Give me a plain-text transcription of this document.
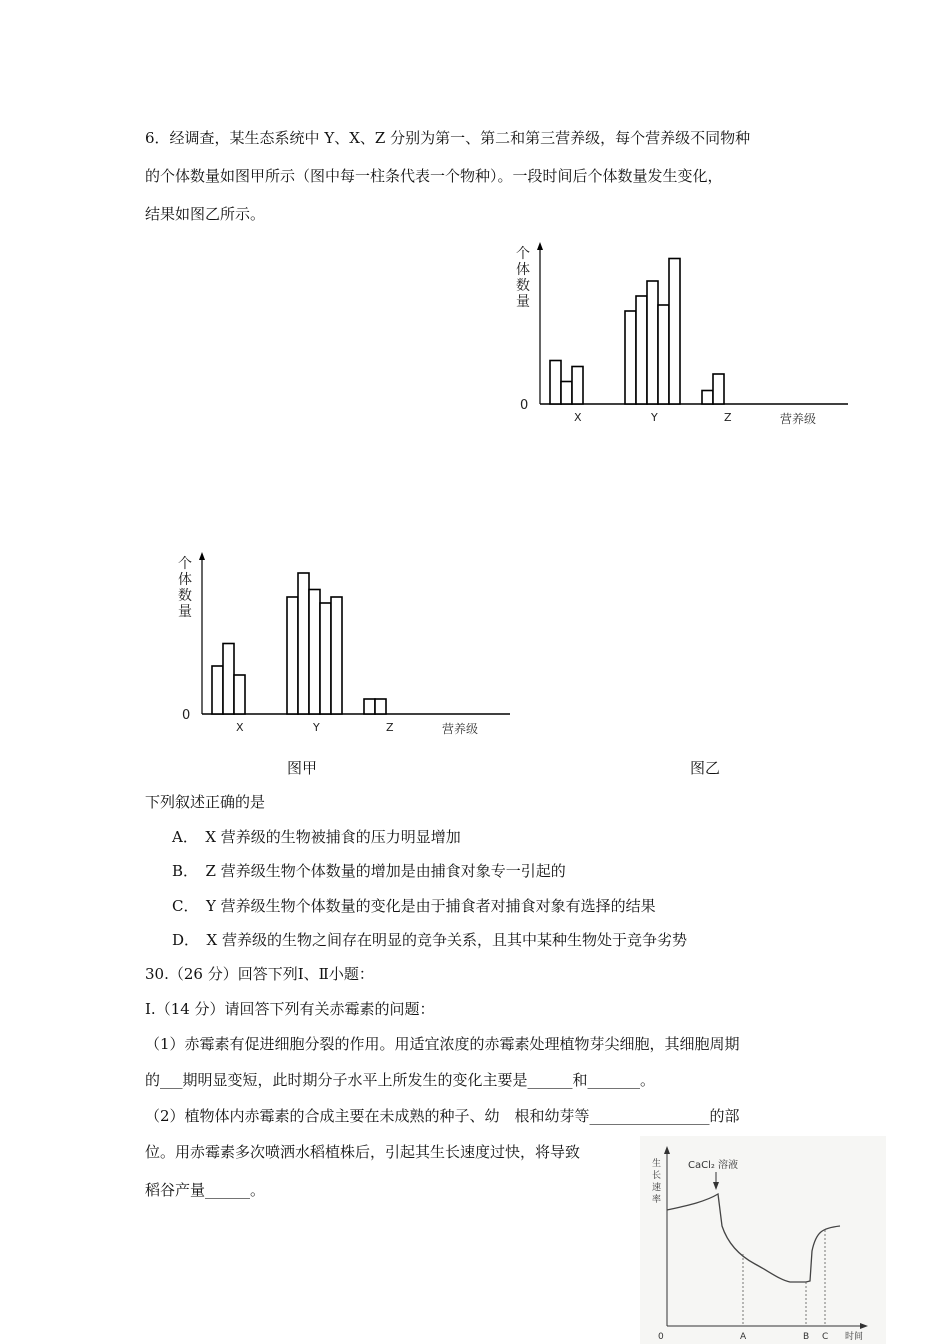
6．经调查，某生态系统中 Y、X、Z 分别为第一、第二和第三营养级，每个营养级不同物种
的个体数量如图甲所示（图中每一柱条代表一个物种）。一段时间后个体数量发生变化，
结果如图乙所示。
0
个
体
数
量
营养级
X	Y	Z
0
个
体
数
量
营养级
X	Y	Z
图甲	图乙
下列叙述正确的是
A．　X 营养级的生物被捕食的压力明显增加
B．　Z 营养级生物个体数量的增加是由捕食对象专一引起的
C．　Y 营养级生物个体数量的变化是由于捕食者对捕食对象有选择的结果
D．　X 营养级的生物之间存在明显的竞争关系，且其中某种生物处于竞争劣势
30.（26 分）回答下列Ⅰ、Ⅱ小题：
Ⅰ.（14 分）请回答下列有关赤霉素的问题：
（1）赤霉素有促进细胞分裂的作用。用适宜浓度的赤霉素处理植物芽尖细胞，其细胞周期
的___期明显变短，此时期分子水平上所发生的变化主要是______和_______。
（2）植物体内赤霉素的合成主要在未成熟的种子、幼　根和幼芽等________________的部
位。用赤霉素多次喷洒水稻植株后，引起其生长速度过快，将导致
稻谷产量______。
0
生
长
速
率
时间
CaCl₂ 溶液
A	B C
